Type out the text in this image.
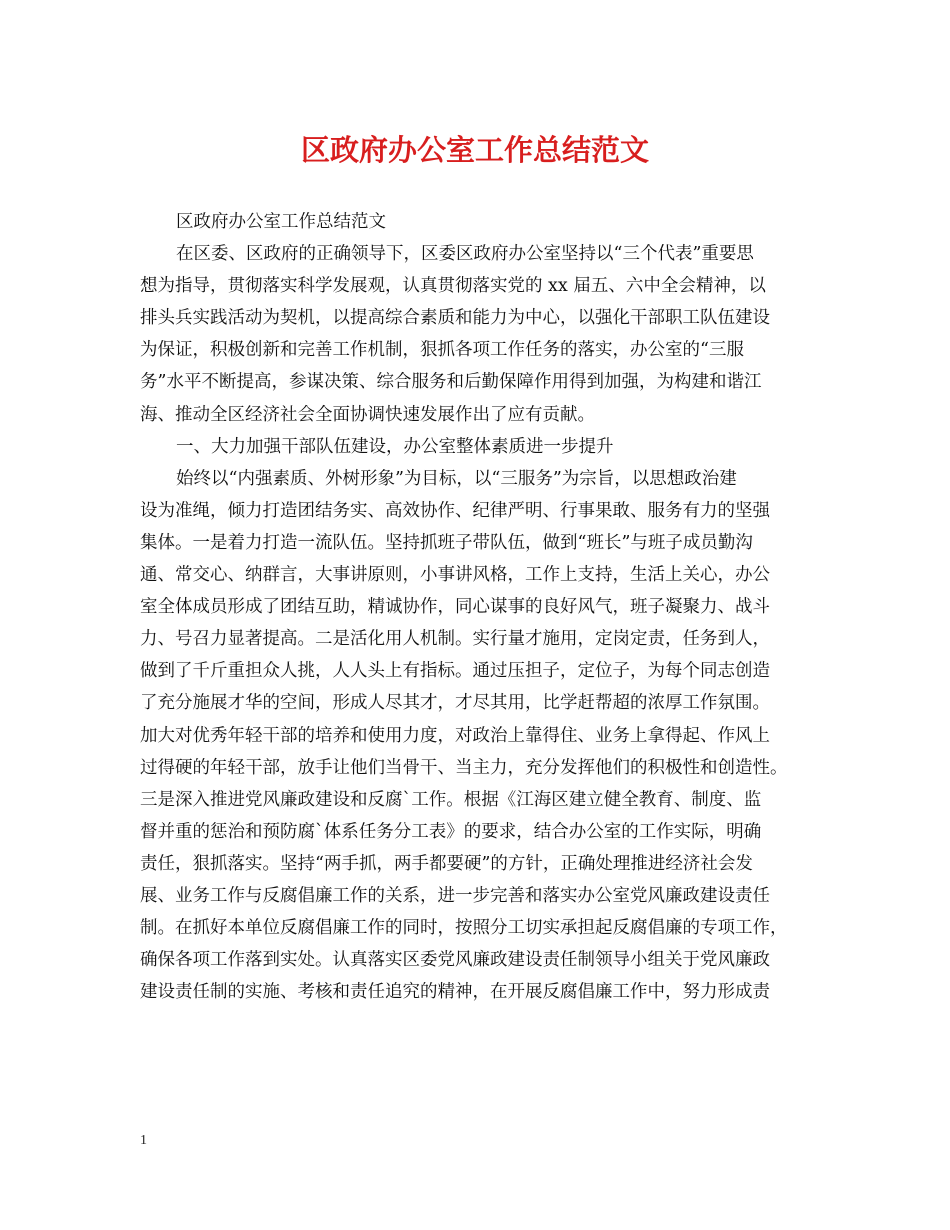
区政府办公室工作总结范文
区政府办公室工作总结范文
在区委、区政府的正确领导下，区委区政府办公室坚持以“三个代表”重要思
想为指导，贯彻落实科学发展观，认真贯彻落实党的 xx 届五、六中全会精神，以
排头兵实践活动为契机，以提高综合素质和能力为中心，以强化干部职工队伍建设
为保证，积极创新和完善工作机制，狠抓各项工作任务的落实，办公室的“三服
务”水平不断提高，参谋决策、综合服务和后勤保障作用得到加强，为构建和谐江
海、推动全区经济社会全面协调快速发展作出了应有贡献。
一、大力加强干部队伍建设，办公室整体素质进一步提升
始终以“内强素质、外树形象”为目标，以“三服务”为宗旨，以思想政治建
设为准绳，倾力打造团结务实、高效协作、纪律严明、行事果敢、服务有力的坚强
集体。一是着力打造一流队伍。坚持抓班子带队伍，做到“班长”与班子成员勤沟
通、常交心、纳群言，大事讲原则，小事讲风格，工作上支持，生活上关心，办公
室全体成员形成了团结互助，精诚协作，同心谋事的良好风气，班子凝聚力、战斗
力、号召力显著提高。二是活化用人机制。实行量才施用，定岗定责，任务到人，
做到了千斤重担众人挑，人人头上有指标。通过压担子，定位子，为每个同志创造
了充分施展才华的空间，形成人尽其才，才尽其用，比学赶帮超的浓厚工作氛围。
加大对优秀年轻干部的培养和使用力度，对政治上靠得住、业务上拿得起、作风上
过得硬的年轻干部，放手让他们当骨干、当主力，充分发挥他们的积极性和创造性。
三是深入推进党风廉政建设和反腐`工作。根据《江海区建立健全教育、制度、监
督并重的惩治和预防腐`体系任务分工表》的要求，结合办公室的工作实际，明确
责任，狠抓落实。坚持“两手抓，两手都要硬”的方针，正确处理推进经济社会发
展、业务工作与反腐倡廉工作的关系，进一步完善和落实办公室党风廉政建设责任
制。在抓好本单位反腐倡廉工作的同时，按照分工切实承担起反腐倡廉的专项工作，
确保各项工作落到实处。认真落实区委党风廉政建设责任制领导小组关于党风廉政
建设责任制的实施、考核和责任追究的精神，在开展反腐倡廉工作中，努力形成责
1
